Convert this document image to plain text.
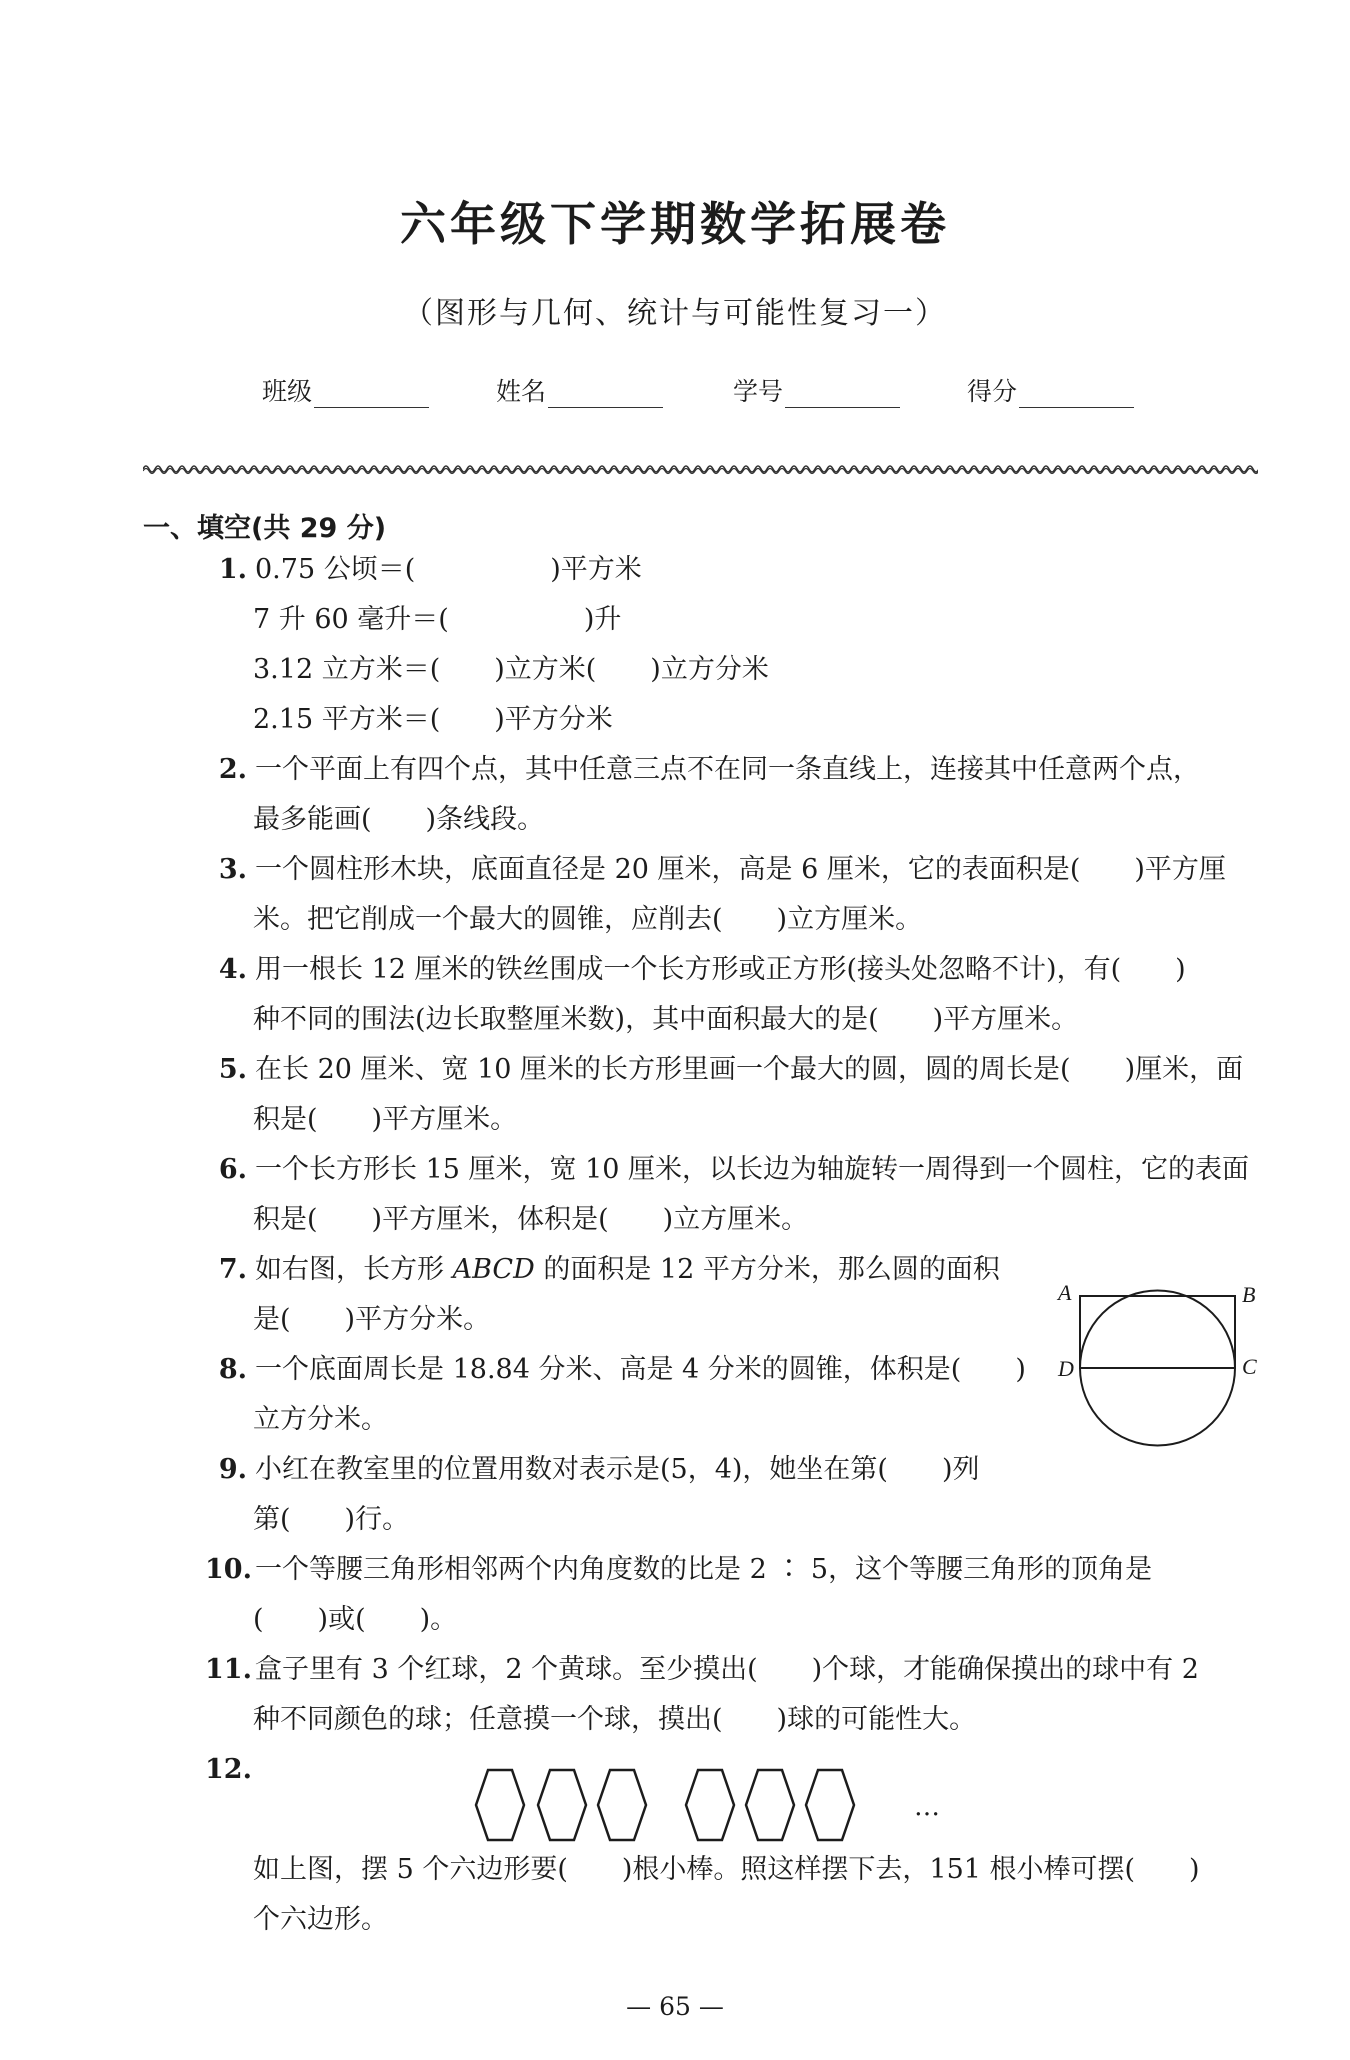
六年级下学期数学拓展卷
（图形与几何、统计与可能性复习一）
班级	姓名	学号	得分
一、填空(共 29 分)
1. 0.75 公顷＝(　　　　　)平方米
7 升 60 毫升＝(　　　　　)升
3.12 立方米＝(　　)立方米(　　)立方分米
2.15 平方米＝(　　)平方分米
2. 一个平面上有四个点，其中任意三点不在同一条直线上，连接其中任意两个点，
最多能画(　　)条线段。
3. 一个圆柱形木块，底面直径是 20 厘米，高是 6 厘米，它的表面积是(　　)平方厘
米。把它削成一个最大的圆锥，应削去(　　)立方厘米。
4. 用一根长 12 厘米的铁丝围成一个长方形或正方形(接头处忽略不计)，有(　　)
种不同的围法(边长取整厘米数)，其中面积最大的是(　　)平方厘米。
5. 在长 20 厘米、宽 10 厘米的长方形里画一个最大的圆，圆的周长是(　　)厘米，面
积是(　　)平方厘米。
6. 一个长方形长 15 厘米，宽 10 厘米，以长边为轴旋转一周得到一个圆柱，它的表面
积是(　　)平方厘米，体积是(　　)立方厘米。
7. 如右图，长方形 ABCD 的面积是 12 平方分米，那么圆的面积
是(　　)平方分米。
8. 一个底面周长是 18.84 分米、高是 4 分米的圆锥，体积是(　　)
立方分米。
9. 小红在教室里的位置用数对表示是(5，4)，她坐在第(　　)列
第(　　)行。
10. 一个等腰三角形相邻两个内角度数的比是 2 ∶ 5，这个等腰三角形的顶角是
(　　)或(　　)。
11. 盒子里有 3 个红球，2 个黄球。至少摸出(　　)个球，才能确保摸出的球中有 2
种不同颜色的球；任意摸一个球，摸出(　　)球的可能性大。
12.
…
如上图，摆 5 个六边形要(　　)根小棒。照这样摆下去，151 根小棒可摆(　　)
个六边形。
A	B
C
D
— 65 —
